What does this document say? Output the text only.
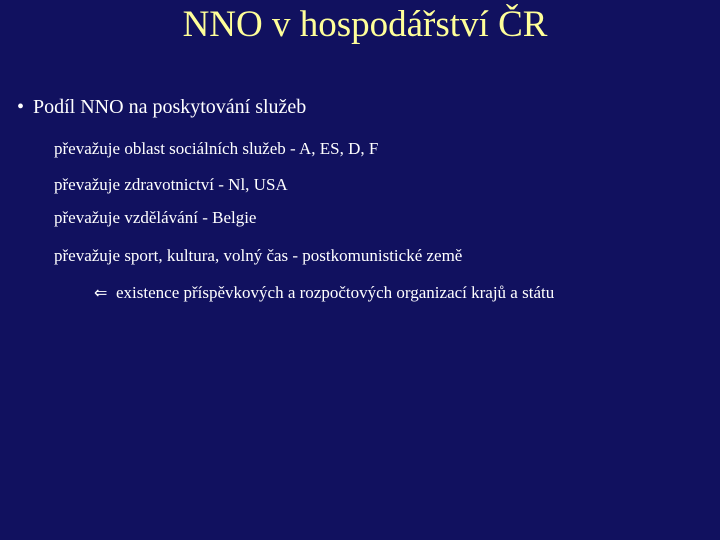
NNO v hospodářství ČR
• Podíl NNO na poskytování služeb
převažuje oblast sociálních služeb - A, ES, D, F
převažuje zdravotnictví - Nl, USA
převažuje vzdělávání - Belgie
převažuje sport, kultura, volný čas - postkomunistické země
⇐ existence příspěvkových a rozpočtových organizací krajů a státu
